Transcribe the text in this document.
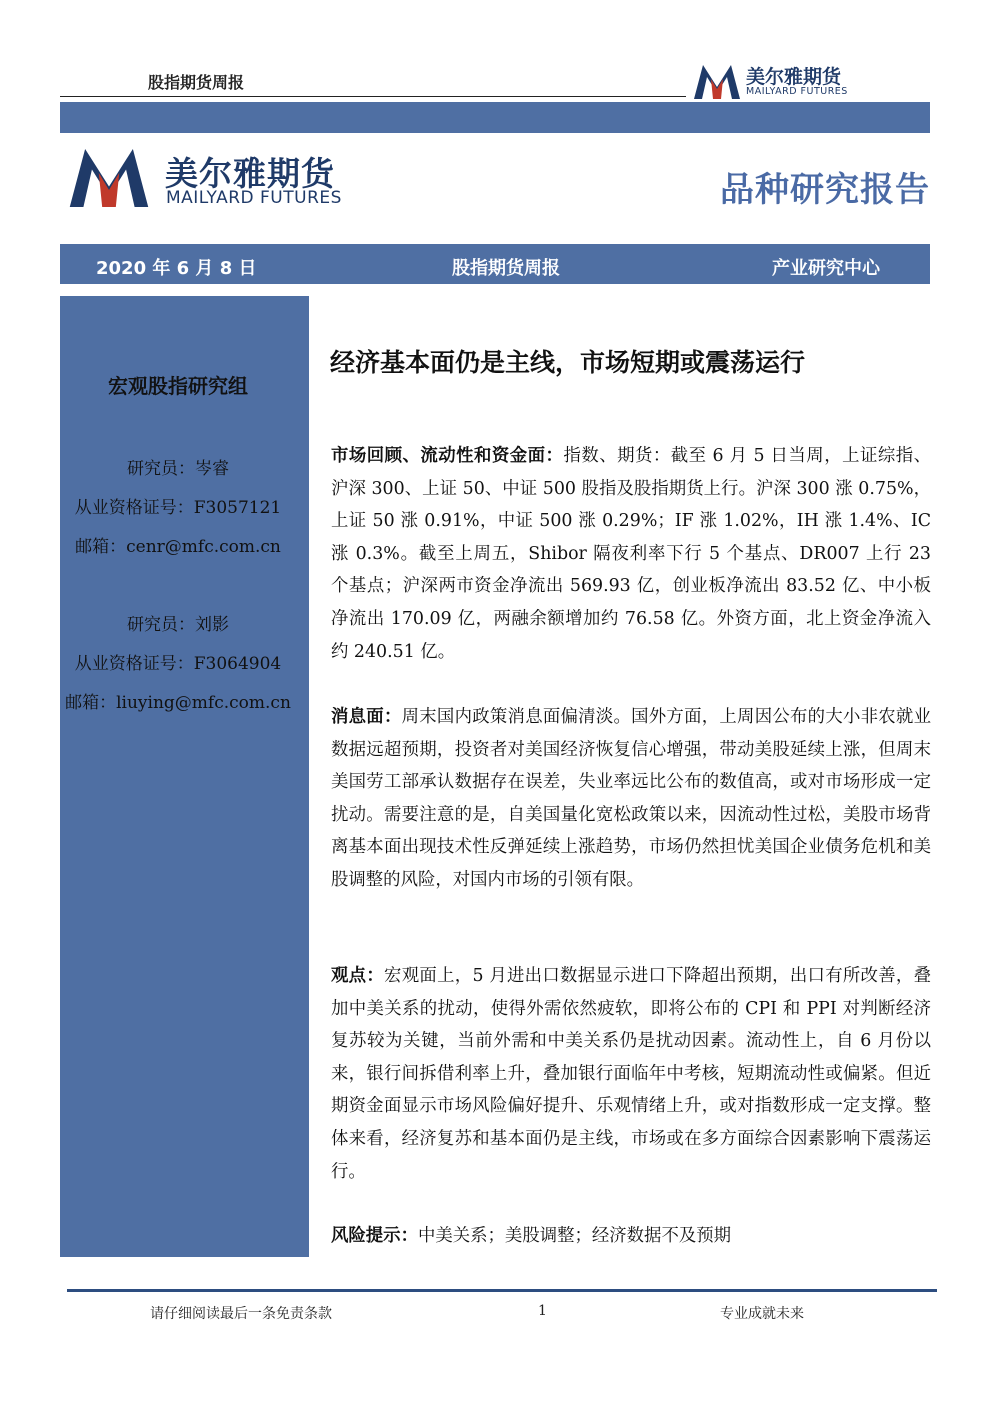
股指期货周报	美尔雅期货
MAILYARD FUTURES
美尔雅期货
MAILYARD FUTURES	品种研究报告
2020 年 6 月 8 日	股指期货周报	产业研究中心
宏观股指研究组
研究员：岑睿
从业资格证号：F3057121
邮箱：cenr@mfc.com.cn
研究员：刘影
从业资格证号：F3064904
邮箱：liuying@mfc.com.cn
经济基本面仍是主线，市场短期或震荡运行
市场回顾、流动性和资金面：指数、期货：截至 6 月 5 日当周，上证综指、沪深 300、上证 50、中证 500 股指及股指期货上行。沪深 300 涨 0.75%，上证 50 涨 0.91%，中证 500 涨 0.29%；IF 涨 1.02%，IH 涨 1.4%、IC 涨 0.3%。截至上周五，Shibor 隔夜利率下行 5 个基点、DR007 上行 23 个基点；沪深两市资金净流出 569.93 亿，创业板净流出 83.52 亿、中小板净流出 170.09 亿，两融余额增加约 76.58 亿。外资方面，北上资金净流入约 240.51 亿。
消息面：周末国内政策消息面偏清淡。国外方面，上周因公布的大小非农就业数据远超预期，投资者对美国经济恢复信心增强，带动美股延续上涨，但周末美国劳工部承认数据存在误差，失业率远比公布的数值高，或对市场形成一定扰动。需要注意的是，自美国量化宽松政策以来，因流动性过松，美股市场背离基本面出现技术性反弹延续上涨趋势，市场仍然担忧美国企业债务危机和美股调整的风险，对国内市场的引领有限。
观点：宏观面上，5 月进出口数据显示进口下降超出预期，出口有所改善，叠加中美关系的扰动，使得外需依然疲软，即将公布的 CPI 和 PPI 对判断经济复苏较为关键，当前外需和中美关系仍是扰动因素。流动性上，自 6 月份以来，银行间拆借利率上升，叠加银行面临年中考核，短期流动性或偏紧。但近期资金面显示市场风险偏好提升、乐观情绪上升，或对指数形成一定支撑。整体来看，经济复苏和基本面仍是主线，市场或在多方面综合因素影响下震荡运行。
风险提示：中美关系；美股调整；经济数据不及预期
请仔细阅读最后一条免责条款	1	专业成就未来
